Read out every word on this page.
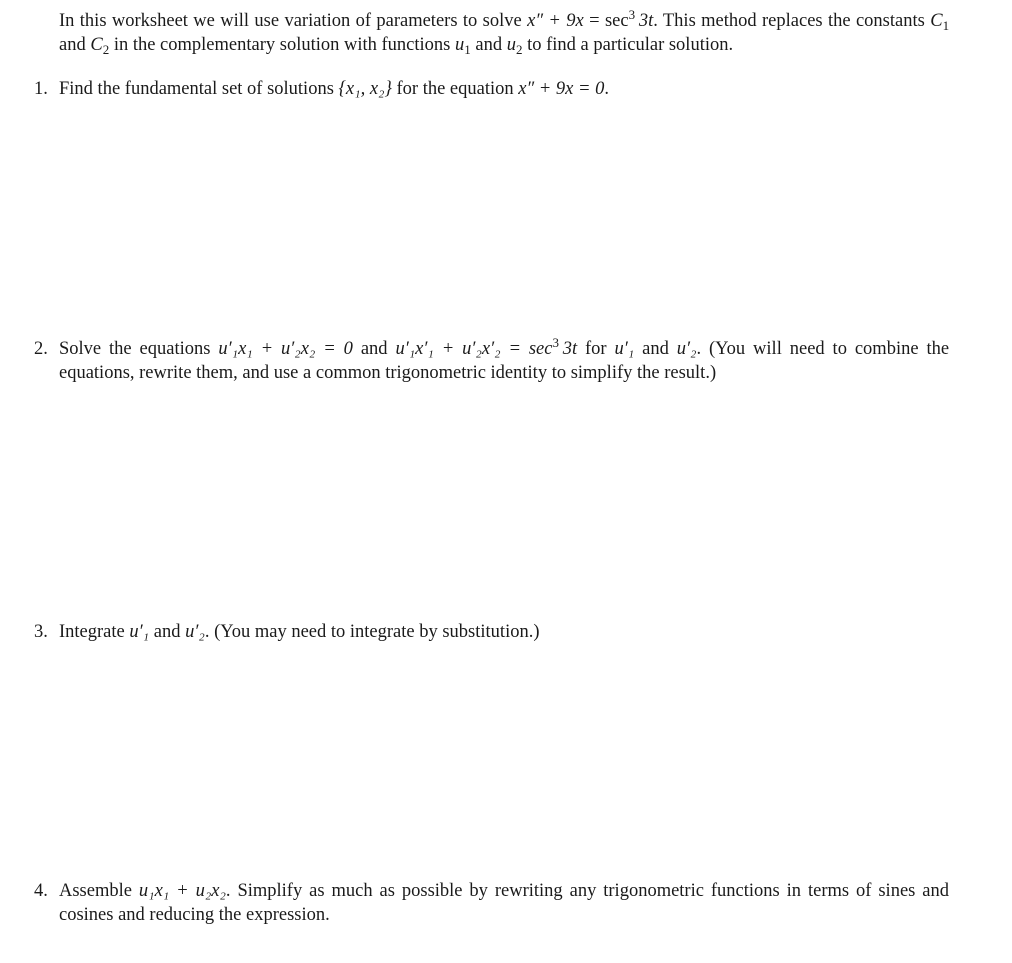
In this worksheet we will use variation of parameters to solve $x'' + 9x = \sec^3 3t$. This method replaces the constants $C_1$ and $C_2$ in the complementary solution with functions $u_1$ and $u_2$ to find a particular solution.
1. Find the fundamental set of solutions {x₁, x₂} for the equation x″ + 9x = 0.
2. Solve the equations u′₁x₁ + u′₂x₂ = 0 and $u'_1x'_1 + u'_2x'_2 = \sec^3 3t$ for u′₁ and u′₂. (You will need to combine the equations, rewrite them, and use a common trigonometric identity to simplify the result.)
3. Integrate u′₁ and u′₂. (You may need to integrate by substitution.)
4. Assemble u₁x₁ + u₂x₂. Simplify as much as possible by rewriting any trigonometric functions in terms of sines and cosines and reducing the expression.
